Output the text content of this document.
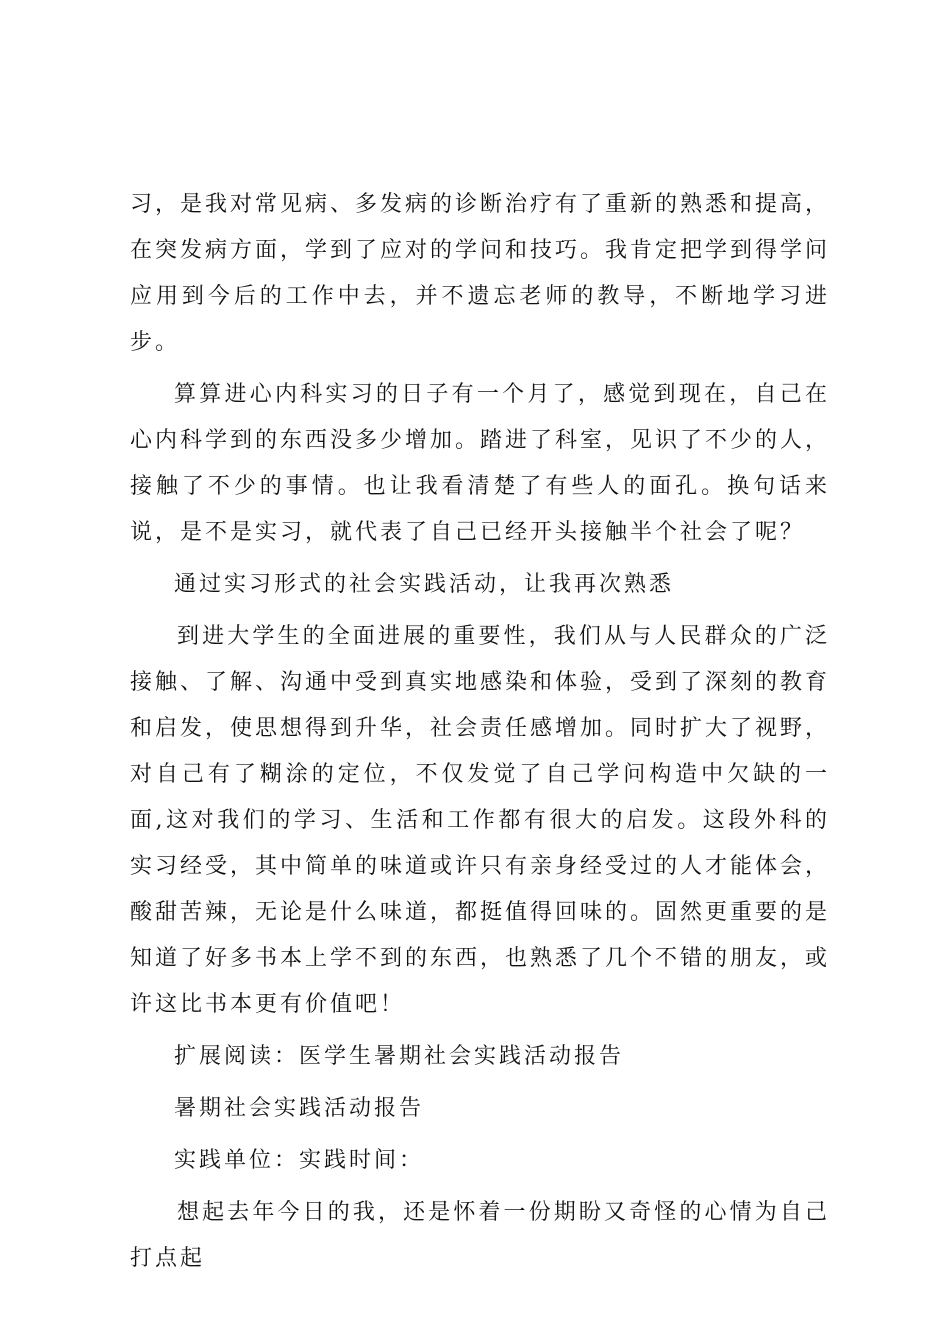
习，是我对常见病、多发病的诊断治疗有了重新的熟悉和提高，在突发病方面，学到了应对的学问和技巧。我肯定把学到得学问应用到今后的工作中去，并不遗忘老师的教导，不断地学习进步。

算算进心内科实习的日子有一个月了，感觉到现在，自己在心内科学到的东西没多少增加。踏进了科室，见识了不少的人，接触了不少的事情。也让我看清楚了有些人的面孔。换句话来说，是不是实习，就代表了自己已经开头接触半个社会了呢？

通过实习形式的社会实践活动，让我再次熟悉

到进大学生的全面进展的重要性，我们从与人民群众的广泛接触、了解、沟通中受到真实地感染和体验，受到了深刻的教育和启发，使思想得到升华，社会责任感增加。同时扩大了视野，对自己有了糊涂的定位，不仅发觉了自己学问构造中欠缺的一面,这对我们的学习、生活和工作都有很大的启发。这段外科的实习经受，其中简单的味道或许只有亲身经受过的人才能体会，酸甜苦辣，无论是什么味道，都挺值得回味的。固然更重要的是知道了好多书本上学不到的东西，也熟悉了几个不错的朋友，或许这比书本更有价值吧！

扩展阅读：医学生暑期社会实践活动报告

暑期社会实践活动报告

实践单位：实践时间：

想起去年今日的我，还是怀着一份期盼又奇怪的心情为自己打点起
